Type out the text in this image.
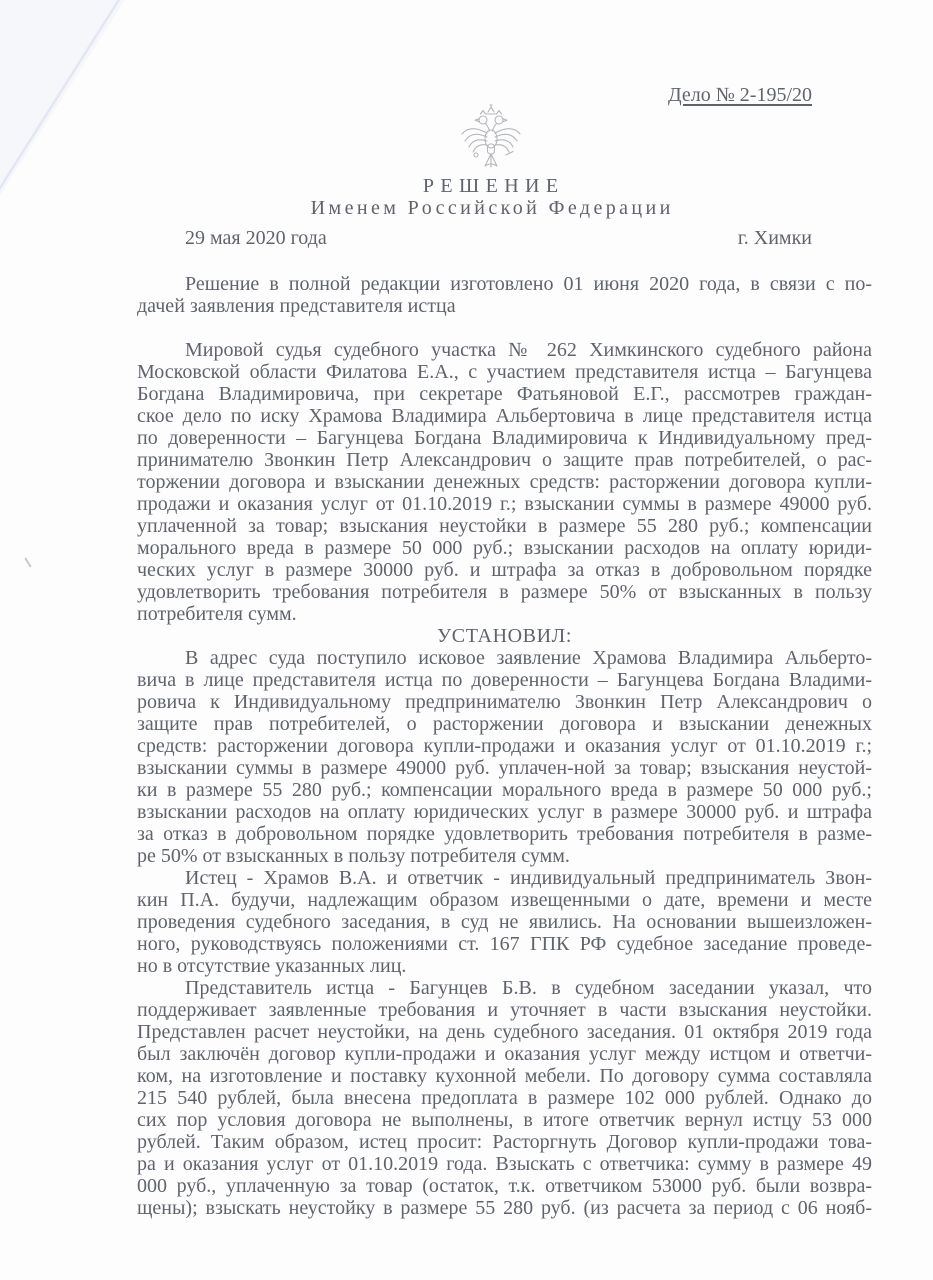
Дело № 2-195/20
РЕШЕНИЕ
Именем Российской Федерации
29 мая 2020 года	г. Химки
Решение в полной редакции изготовлено 01 июня 2020 года, в связи с по-
дачей заявления представителя истца
Мировой судья судебного участка № 262 Химкинского судебного района
Московской области Филатова Е.А., с участием представителя истца – Багунцева
Богдана Владимировича, при секретаре Фатьяновой Е.Г., рассмотрев граждан-
ское дело по иску Храмова Владимира Альбертовича в лице представителя истца
по доверенности – Багунцева Богдана Владимировича к Индивидуальному пред-
принимателю Звонкин Петр Александрович о защите прав потребителей, о рас-
торжении договора и взыскании денежных средств: расторжении договора купли-
продажи и оказания услуг от 01.10.2019 г.; взыскании суммы в размере 49000 руб.
уплаченной за товар; взыскания неустойки в размере 55 280 руб.; компенсации
морального вреда в размере 50 000 руб.; взыскании расходов на оплату юриди-
ческих услуг в размере 30000 руб. и штрафа за отказ в добровольном порядке
удовлетворить требования потребителя в размере 50% от взысканных в пользу
потребителя сумм.
УСТАНОВИЛ:
В адрес суда поступило исковое заявление Храмова Владимира Альберто-
вича в лице представителя истца по доверенности – Багунцева Богдана Владими-
ровича к Индивидуальному предпринимателю Звонкин Петр Александрович о
защите прав потребителей, о расторжении договора и взыскании денежных
средств: расторжении договора купли-продажи и оказания услуг от 01.10.2019 г.;
взыскании суммы в размере 49000 руб. уплачен-ной за товар; взыскания неустой-
ки в размере 55 280 руб.; компенсации морального вреда в размере 50 000 руб.;
взыскании расходов на оплату юридических услуг в размере 30000 руб. и штрафа
за отказ в добровольном порядке удовлетворить требования потребителя в разме-
ре 50% от взысканных в пользу потребителя сумм.
Истец - Храмов В.А. и ответчик - индивидуальный предприниматель Звон-
кин П.А. будучи, надлежащим образом извещенными о дате, времени и месте
проведения судебного заседания, в суд не явились. На основании вышеизложен-
ного, руководствуясь положениями ст. 167 ГПК РФ судебное заседание проведе-
но в отсутствие указанных лиц.
Представитель истца - Багунцев Б.В. в судебном заседании указал, что
поддерживает заявленные требования и уточняет в части взыскания неустойки.
Представлен расчет неустойки, на день судебного заседания. 01 октября 2019 года
был заключён договор купли-продажи и оказания услуг между истцом и ответчи-
ком, на изготовление и поставку кухонной мебели. По договору сумма составляла
215 540 рублей, была внесена предоплата в размере 102 000 рублей. Однако до
сих пор условия договора не выполнены, в итоге ответчик вернул истцу 53 000
рублей. Таким образом, истец просит: Расторгнуть Договор купли-продажи това-
ра и оказания услуг от 01.10.2019 года. Взыскать с ответчика: сумму в размере 49
000 руб., уплаченную за товар (остаток, т.к. ответчиком 53000 руб. были возвра-
щены); взыскать неустойку в размере 55 280 руб. (из расчета за период с 06 нояб-
